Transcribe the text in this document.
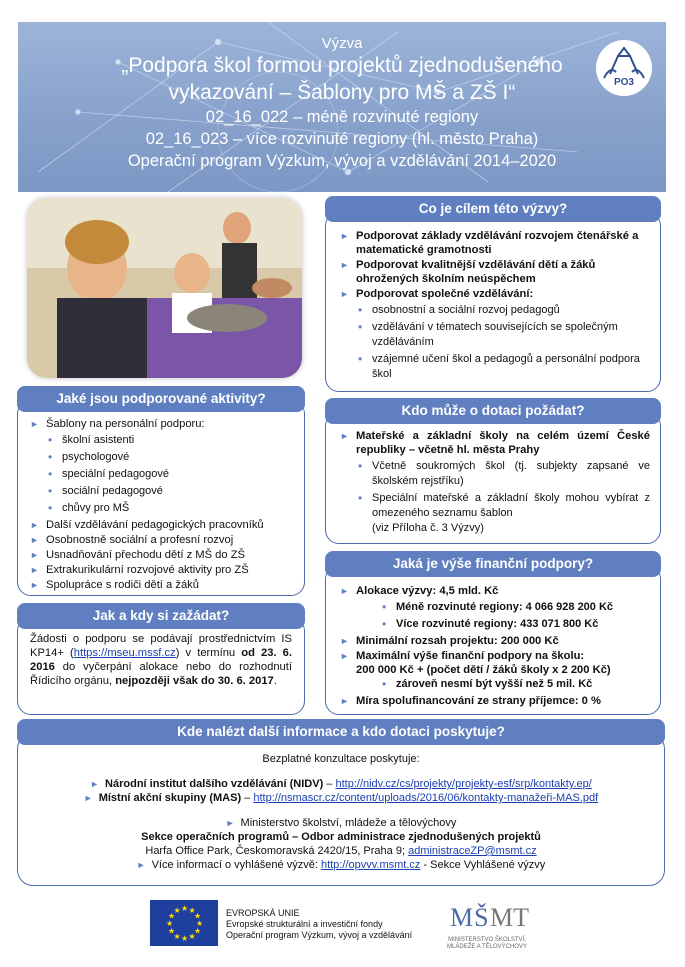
Výzva
„Podpora škol formou projektů zjednodušeného
vykazování – Šablony pro MŠ a ZŠ I“
02_16_022 – méně rozvinuté regiony
02_16_023 – více rozvinuté regiony (hl. město Praha)
Operační program Výzkum, vývoj a vzdělávání 2014–2020
PO3
► Podporovat základy vzdělávání rozvojem čtenářské a matematické gramotnosti
► Podporovat kvalitnější vzdělávání dětí a žáků ohrožených školním neúspěchem
► Podporovat společné vzdělávání:
• osobnostní a sociální rozvoj pedagogů
• vzdělávání v tématech souvisejících se společným vzděláváním
• vzájemné učení škol a pedagogů a personální podpora škol
Co je cílem této výzvy?
► Šablony na personální podporu:
• školní asistenti
• psychologové
• speciální pedagogové
• sociální pedagogové
• chůvy pro MŠ
► Další vzdělávání pedagogických pracovníků
► Osobnostně sociální a profesní rozvoj
► Usnadňování přechodu dětí z MŠ do ZŠ
► Extrakurikulární rozvojové aktivity pro ZŠ
► Spolupráce s rodiči dětí a žáků
Jaké jsou podporované aktivity?
► Mateřské a základní školy na celém území České republiky – včetně hl. města Prahy
• Včetně soukromých škol (tj. subjekty zapsané ve školském rejstříku)
• Speciální mateřské a základní školy mohou vybírat z omezeného seznamu šablon
(viz Příloha č. 3 Výzvy)
Kdo může o dotaci požádat?
Žádosti o podporu se podávají prostřednictvím IS KP14+ (https://mseu.mssf.cz) v termínu od 23. 6. 2016 do vyčerpání alokace nebo do rozhodnutí Řídicího orgánu, nejpozději však do 30. 6. 2017.
Jak a kdy si zažádat?
► Alokace výzvy: 4,5 mld. Kč
• Méně rozvinuté regiony: 4 066 928 200 Kč
• Více rozvinuté regiony: 433 071 800 Kč
► Minimální rozsah projektu: 200 000 Kč
► Maximální výše finanční podpory na školu:
200 000 Kč + (počet dětí / žáků školy x 2 200 Kč)
• zároveň nesmí být vyšší než 5 mil. Kč
► Míra spolufinancování ze strany příjemce: 0 %
Jaká je výše finanční podpory?
Bezplatné konzultace poskytuje:
► Národní institut dalšího vzdělávání (NIDV) – http://nidv.cz/cs/projekty/projekty-esf/srp/kontakty.ep/
► Místní akční skupiny (MAS) – http://nsmascr.cz/content/uploads/2016/06/kontakty-manažeři-MAS.pdf
► Ministerstvo školství, mládeže a tělovýchovy
Sekce operačních programů – Odbor administrace zjednodušených projektů
Harfa Office Park, Českomoravská 2420/15, Praha 9; administraceZP@msmt.cz
► Více informací o vyhlášené výzvě: http://opvvv.msmt.cz - Sekce Vyhlášené výzvy
Kde nalézt další informace a kdo dotaci poskytuje?
★
★
★
★
★
★
★
★
★ ★ ★
★	EVROPSKÁ UNIE
Evropské strukturální a investiční fondy
Operační program Výzkum, vývoj a vzdělávání
MŠ MT
MINISTERSTVO ŠKOLSTVÍ,
MLÁDEŽE A TĚLOVÝCHOVY
